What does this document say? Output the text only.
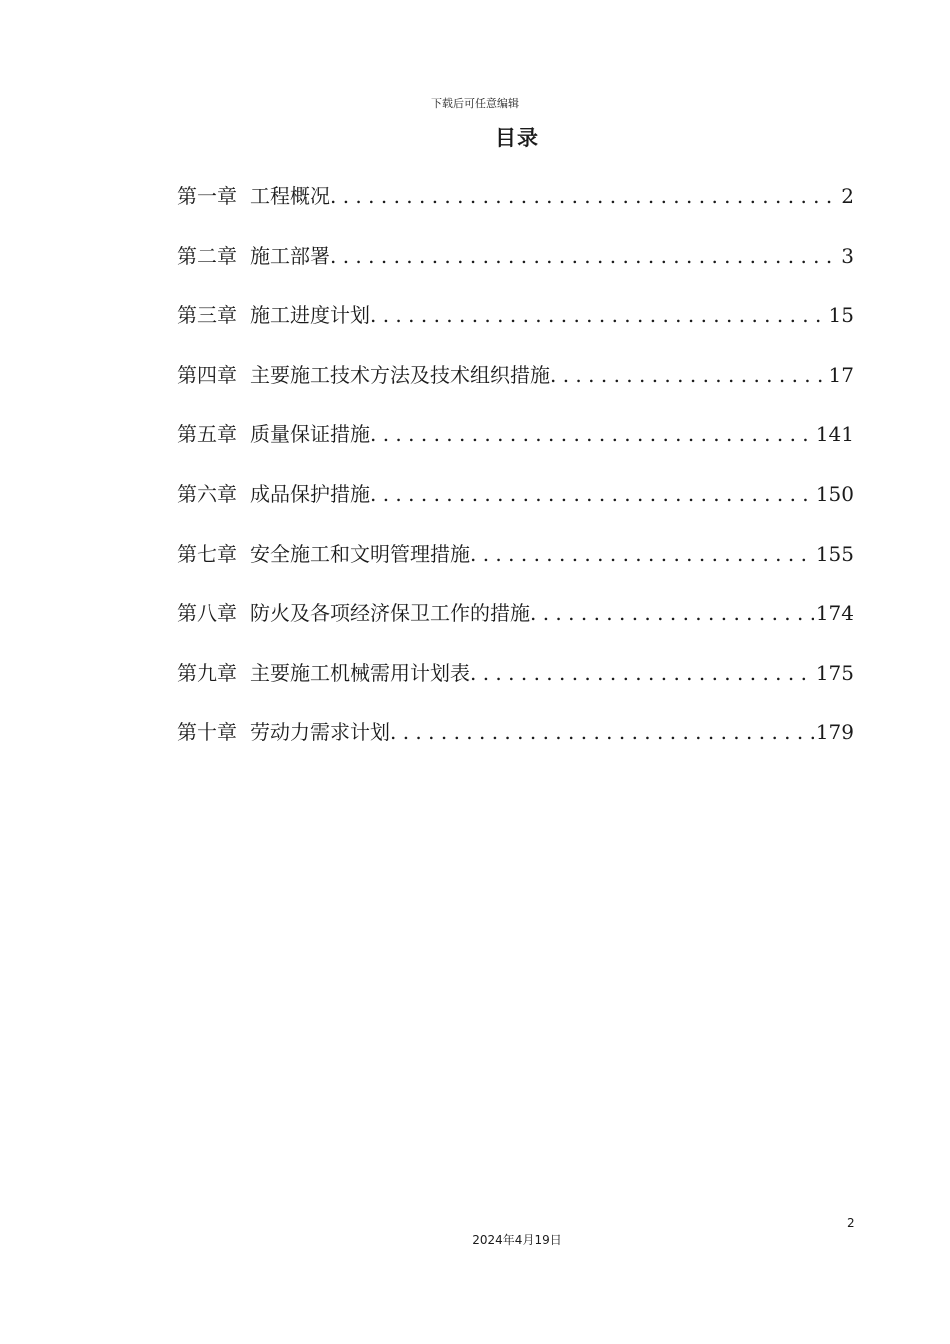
下载后可任意编辑
目录
第一章 工程概况 . . .	2
第二章 施工部署 . . .	3
第三章 施工进度计划 . . .	15
第四章 主要施工技术方法及技术组织措施 . . .	17
第五章 质量保证措施 . . .	141
第六章 成品保护措施 . . .	150
第七章 安全施工和文明管理措施 . . .	155
第八章 防火及各项经济保卫工作的措施 . . .	174
第九章 主要施工机械需用计划表 . . .	175
第十章 劳动力需求计划 . . .	179
2
2024年4月19日
